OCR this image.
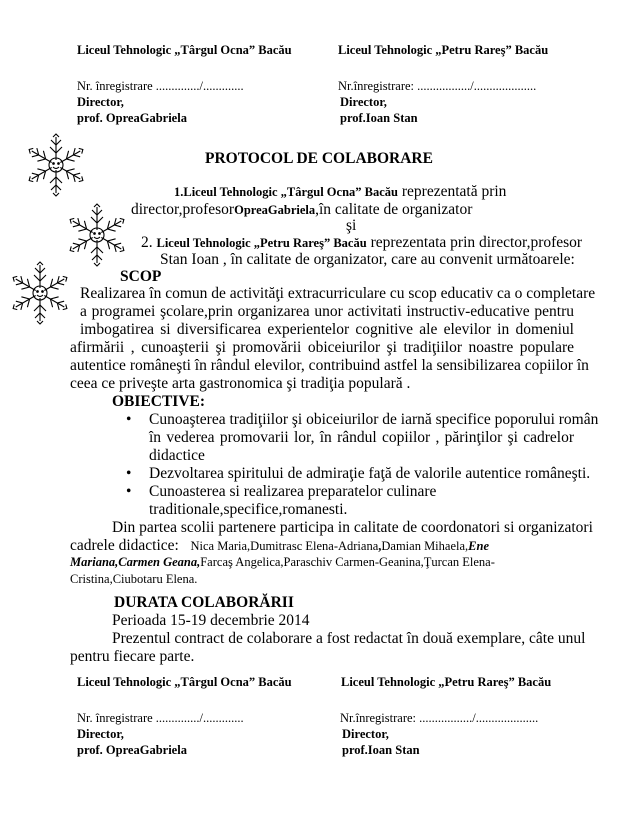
Liceul Tehnologic „Târgul Ocna” Bacău	Liceul Tehnologic „Petru Rareş” Bacău
Nr. înregistrare ............../.............	Nr.înregistrare: ................./....................
Director,	Director,
prof. OpreaGabriela	prof.Ioan Stan
PROTOCOL DE COLABORARE
1.Liceul Tehnologic „Târgul Ocna” Bacău reprezentată prin
director,profesorOpreaGabriela,în calitate de organizator
şi
2. Liceul Tehnologic „Petru Rareş” Bacău reprezentata prin director,profesor
Stan Ioan , în calitate de organizator, care au convenit următoarele:
SCOP
Realizarea în comun de activităţi extracurriculare cu scop educativ ca o completare
a programei şcolare,prin organizarea unor activitati instructiv-educative pentru
imbogatirea si diversificarea experientelor cognitive ale elevilor in domeniul
afirmării , cunoaşterii şi promovării obiceiurilor şi tradiţiilor noastre populare
autentice româneşti în rândul elevilor, contribuind astfel la sensibilizarea copiilor în
ceea ce priveşte arta gastronomica şi tradiţia populară .
OBIECTIVE:
• Cunoaşterea tradiţiilor şi obiceiurilor de iarnă specifice poporului român
în vederea promovarii lor, în rândul copiilor , părinţilor şi cadrelor
didactice
• Dezvoltarea spiritului de admiraţie faţă de valorile autentice româneşti.
• Cunoasterea si realizarea preparatelor culinare
traditionale,specifice,romanesti.
Din partea scolii partenere participa in calitate de coordonatori si organizatori
cadrele didactice: Nica Maria,Dumitrasc Elena-Adriana,Damian Mihaela,Ene
Mariana,Carmen Geana,Farcaş Angelica,Paraschiv Carmen-Geanina,Ţurcan Elena-
Cristina,Ciubotaru Elena.
DURATA COLABORĂRII
Perioada 15-19 decembrie 2014
Prezentul contract de colaborare a fost redactat în două exemplare, câte unul
pentru fiecare parte.
Liceul Tehnologic „Târgul Ocna” Bacău	Liceul Tehnologic „Petru Rareş” Bacău
Nr. înregistrare ............../.............	Nr.înregistrare: ................./....................
Director,	Director,
prof. OpreaGabriela	prof.Ioan Stan
